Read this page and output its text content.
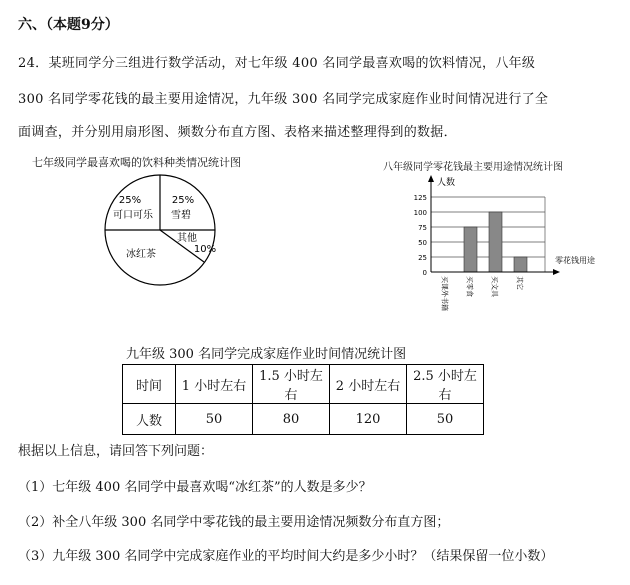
六、（本题9分）
24．某班同学分三组进行数学活动，对七年级 400 名同学最喜欢喝的饮料情况，八年级
300 名同学零花钱的最主要用途情况，九年级 300 名同学完成家庭作业时间情况进行了全
面调查，并分别用扇形图、频数分布直方图、表格来描述整理得到的数据．
七年级同学最喜欢喝的饮料种类情况统计图
25%
可口可乐
25%
雪碧
其他
10%
冰红茶
八年级同学零花钱最主要用途情况统计图
0
25
50
75
100
125
买课外书籍 买零食 买文具 其它
人数
零花钱用途
九年级 300 名同学完成家庭作业时间情况统计图
时间	1 小时左右	1.5 小时左右	2 小时左右	2.5 小时左右
人数	50	80	120	50
根据以上信息，请回答下列问题：
（1）七年级 400 名同学中最喜欢喝“冰红茶”的人数是多少？
（2）补全八年级 300 名同学中零花钱的最主要用途情况频数分布直方图；
（3）九年级 300 名同学中完成家庭作业的平均时间大约是多少小时？（结果保留一位小数）
